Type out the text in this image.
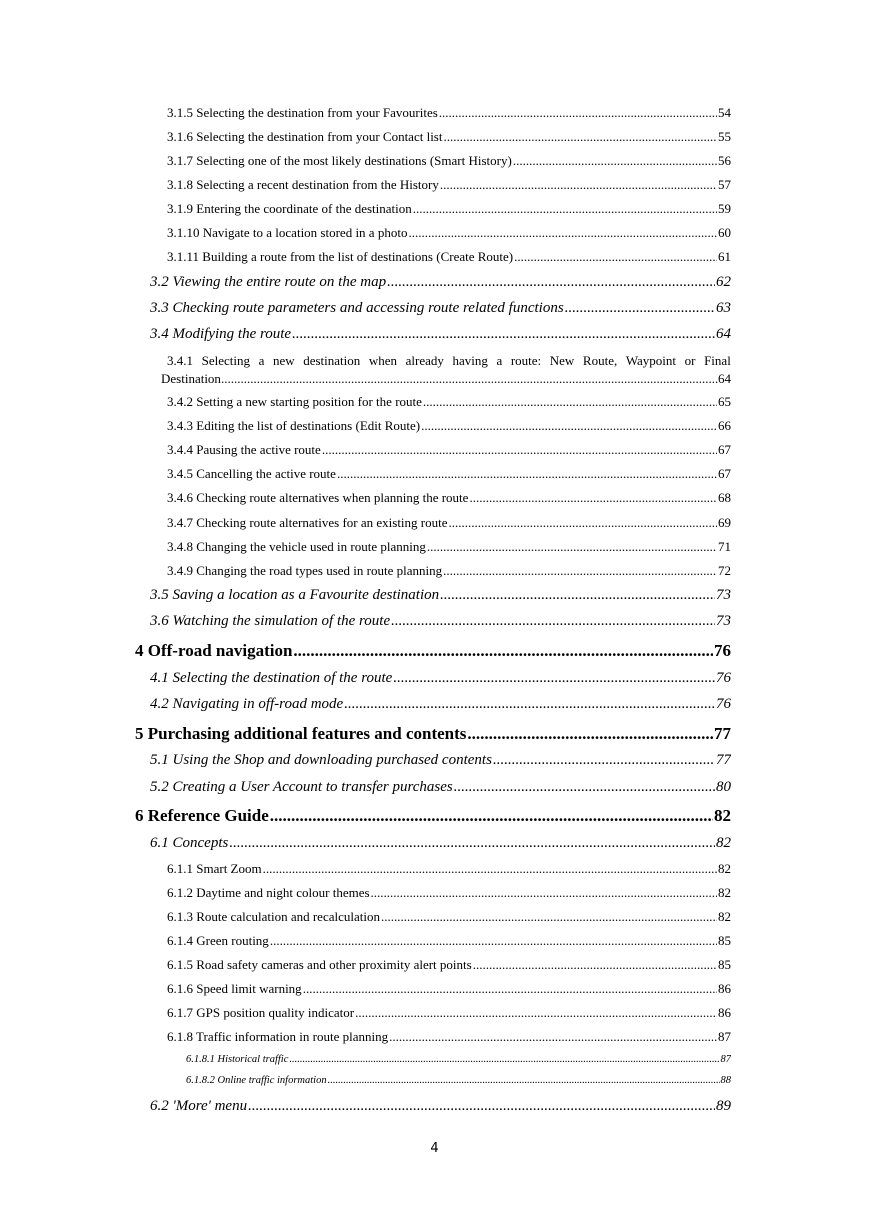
3.1.5 Selecting the destination from your Favourites .....	54
3.1.6 Selecting the destination from your Contact list .....	55
3.1.7 Selecting one of the most likely destinations (Smart History) .....	56
3.1.8 Selecting a recent destination from the History .....	57
3.1.9 Entering the coordinate of the destination .....	59
3.1.10 Navigate to a location stored in a photo .....	60
3.1.11 Building a route from the list of destinations (Create Route) .....	61
3.2 Viewing the entire route on the map .....	62
3.3 Checking route parameters and accessing route related functions .....	63
3.4 Modifying the route .....	64
3.4.1 Selecting a new destination when already having a route: New Route, Waypoint or Final
Destination .....	64
3.4.2 Setting a new starting position for the route .....	65
3.4.3 Editing the list of destinations (Edit Route) .....	66
3.4.4 Pausing the active route .....	67
3.4.5 Cancelling the active route .....	67
3.4.6 Checking route alternatives when planning the route .....	68
3.4.7 Checking route alternatives for an existing route .....	69
3.4.8 Changing the vehicle used in route planning .....	71
3.4.9 Changing the road types used in route planning .....	72
3.5 Saving a location as a Favourite destination .....	73
3.6 Watching the simulation of the route .....	73
4 Off-road navigation .....	76
4.1 Selecting the destination of the route .....	76
4.2 Navigating in off-road mode .....	76
5 Purchasing additional features and contents .....	77
5.1 Using the Shop and downloading purchased contents .....	77
5.2 Creating a User Account to transfer purchases .....	80
6 Reference Guide .....	82
6.1 Concepts .....	82
6.1.1 Smart Zoom .....	82
6.1.2 Daytime and night colour themes .....	82
6.1.3 Route calculation and recalculation .....	82
6.1.4 Green routing .....	85
6.1.5 Road safety cameras and other proximity alert points .....	85
6.1.6 Speed limit warning .....	86
6.1.7 GPS position quality indicator .....	86
6.1.8 Traffic information in route planning .....	87
6.1.8.1 Historical traffic .....	87
6.1.8.2 Online traffic information .....	88
6.2 'More' menu .....	89
4
